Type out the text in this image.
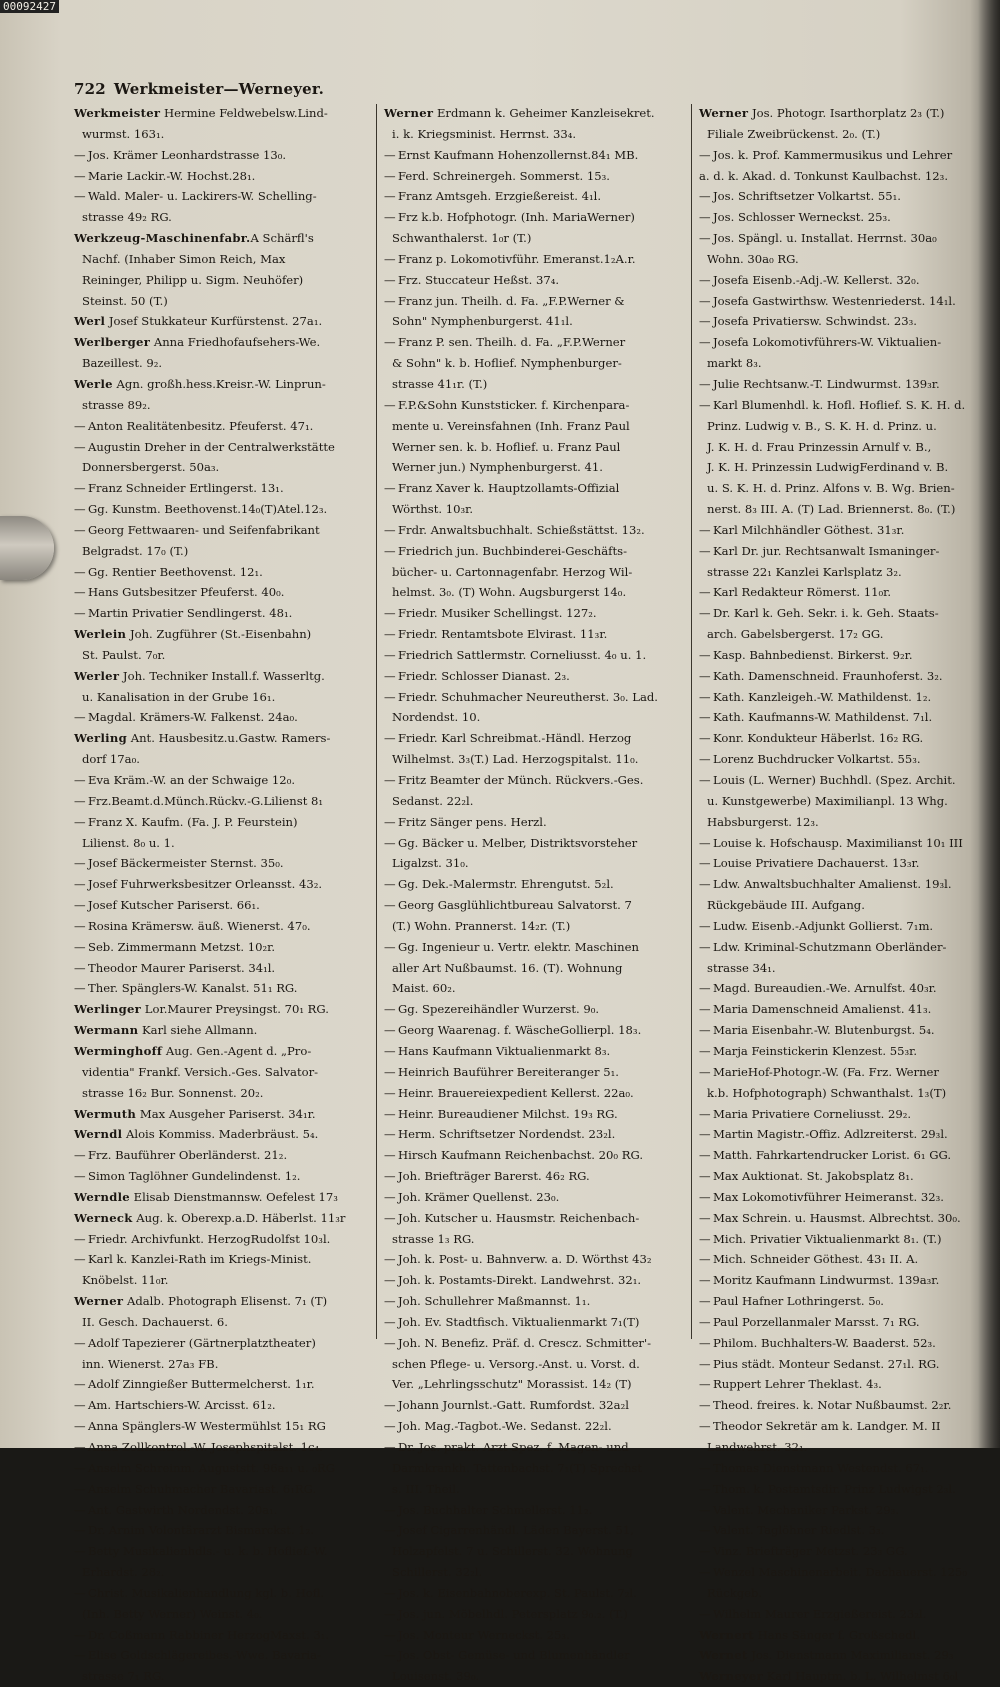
00092427
722 Werkmeister—Werneyer.
Werkmeister Hermine Feldwebelsw.Lind-
wurmst. 163₁.
— Jos. Krämer Leonhardstrasse 13₀.
— Marie Lackir.-W. Hochst.28₁.
— Wald. Maler- u. Lackirers-W. Schelling-
strasse 49₂ RG.
Werkzeug-Maschinenfabr.A Schärfl's
Nachf. (Inhaber Simon Reich, Max
Reininger, Philipp u. Sigm. Neuhöfer)
Steinst. 50 (T.)
Werl Josef Stukkateur Kurfürstenst. 27a₁.
Werlberger Anna Friedhofaufsehers-We.
Bazeillest. 9₂.
Werle Agn. großh.hess.Kreisr.-W. Linprun-
strasse 89₂.
— Anton Realitätenbesitz. Pfeuferst. 47₁.
— Augustin Dreher in der Centralwerkstätte
Donnersbergerst. 50a₃.
— Franz Schneider Ertlingerst. 13₁.
— Gg. Kunstm. Beethovenst.14₀(T)Atel.12₃.
— Georg Fettwaaren- und Seifenfabrikant
Belgradst. 17₀ (T.)
— Gg. Rentier Beethovenst. 12₁.
— Hans Gutsbesitzer Pfeuferst. 40₀.
— Martin Privatier Sendlingerst. 48₁.
Werlein Joh. Zugführer (St.-Eisenbahn)
St. Paulst. 7₀r.
Werler Joh. Techniker Install.f. Wasserltg.
u. Kanalisation in der Grube 16₁.
— Magdal. Krämers-W. Falkenst. 24a₀.
Werling Ant. Hausbesitz.u.Gastw. Ramers-
dorf 17a₀.
— Eva Kräm.-W. an der Schwaige 12₀.
— Frz.Beamt.d.Münch.Rückv.-G.Lilienst 8₁
— Franz X. Kaufm. (Fa. J. P. Feurstein)
Lilienst. 8₀ u. 1.
— Josef Bäckermeister Sternst. 35₀.
— Josef Fuhrwerksbesitzer Orleansst. 43₂.
— Josef Kutscher Pariserst. 66₁.
— Rosina Krämersw. äuß. Wienerst. 47₀.
— Seb. Zimmermann Metzst. 10₂r.
— Theodor Maurer Pariserst. 34₁l.
— Ther. Spänglers-W. Kanalst. 51₁ RG.
Werlinger Lor.Maurer Preysingst. 70₁ RG.
Wermann Karl siehe Allmann.
Werminghoff Aug. Gen.-Agent d. „Pro-
videntia" Frankf. Versich.-Ges. Salvator-
strasse 16₂ Bur. Sonnenst. 20₂.
Wermuth Max Ausgeher Pariserst. 34₁r.
Werndl Alois Kommiss. Maderbräust. 5₄.
— Frz. Bauführer Oberländerst. 21₂.
— Simon Taglöhner Gundelindenst. 1₂.
Werndle Elisab Dienstmannsw. Oefelest 17₃
Werneck Aug. k. Oberexp.a.D. Häberlst. 11₃r
— Friedr. Archivfunkt. HerzogRudolfst 10₃l.
— Karl k. Kanzlei-Rath im Kriegs-Minist.
Knöbelst. 11₀r.
Werner Adalb. Photograph Elisenst. 7₁ (T)
II. Gesch. Dachauerst. 6.
— Adolf Tapezierer (Gärtnerplatztheater)
inn. Wienerst. 27a₃ FB.
— Adolf Zinngießer Buttermelcherst. 1₁r.
— Am. Hartschiers-W. Arcisst. 61₂.
— Anna Spänglers-W Westermühlst 15₁ RG
— Anna Zollkontrol.-W. Josephspitalst. 1c₄.
— Anselm Schreinm. Auguststt. 96a₁₁ u. ₀RG
— Anselm Schuhmacher Bavariast. 6₁RG.
— Ant. Gastwirth Nordendst. 20a₁.
— Dr. Arnim Volontärarzt Bismarckst. 1₂.
— Betty Musikalienhdls.- u. k. b. Hoflief.-W.
Erhardst. 28₂.
— Christ. Musikalienhandlung kgl. b. Hofl.
(Inh. Betty Werner) Weinst. 4₀.
— Dr. Coßmann Rabbiner HerzogMaxst. 3₁.
— Elise Goldschlägereibes.-Wwe. Bavaria-
strasse 7₁ RG.
Werner Erdmann k. Geheimer Kanzleisekret.
i. k. Kriegsminist. Herrnst. 33₄.
— Ernst Kaufmann Hohenzollernst.84₁ MB.
— Ferd. Schreinergeh. Sommerst. 15₃.
— Franz Amtsgeh. Erzgießereist. 4₁l.
— Frz k.b. Hofphotogr. (Inh. MariaWerner)
Schwanthalerst. 1₀r (T.)
— Franz p. Lokomotivführ. Emeranst.1₂A.r.
— Frz. Stuccateur Heßst. 37₄.
— Franz jun. Theilh. d. Fa. „F.P.Werner &
Sohn" Nymphenburgerst. 41₁l.
— Franz P. sen. Theilh. d. Fa. „F.P.Werner
& Sohn" k. b. Hoflief. Nymphenburger-
strasse 41₁r. (T.)
— F.P.&Sohn Kunststicker. f. Kirchenpara-
mente u. Vereinsfahnen (Inh. Franz Paul
Werner sen. k. b. Hoflief. u. Franz Paul
Werner jun.) Nymphenburgerst. 41.
— Franz Xaver k. Hauptzollamts-Offizial
Wörthst. 10₃r.
— Frdr. Anwaltsbuchhalt. Schießstättst. 13₂.
— Friedrich jun. Buchbinderei-Geschäfts-
bücher- u. Cartonnagenfabr. Herzog Wil-
helmst. 3₀. (T) Wohn. Augsburgerst 14₀.
— Friedr. Musiker Schellingst. 127₂.
— Friedr. Rentamtsbote Elvirast. 11₃r.
— Friedrich Sattlermstr. Corneliusst. 4₀ u. 1.
— Friedr. Schlosser Dianast. 2₃.
— Friedr. Schuhmacher Neureutherst. 3₀. Lad.
Nordendst. 10.
— Friedr. Karl Schreibmat.-Händl. Herzog
Wilhelmst. 3₃(T.) Lad. Herzogspitalst. 11₀.
— Fritz Beamter der Münch. Rückvers.-Ges.
Sedanst. 22₂l.
— Fritz Sänger pens. Herzl.
— Gg. Bäcker u. Melber, Distriktsvorsteher
Ligalzst. 31₀.
— Gg. Dek.-Malermstr. Ehrengutst. 5₂l.
— Georg Gasglühlichtbureau Salvatorst. 7
(T.) Wohn. Prannerst. 14₂r. (T.)
— Gg. Ingenieur u. Vertr. elektr. Maschinen
aller Art Nußbaumst. 16. (T). Wohnung
Maist. 60₂.
— Gg. Spezereihändler Wurzerst. 9₀.
— Georg Waarenag. f. WäscheGollierpl. 18₃.
— Hans Kaufmann Viktualienmarkt 8₃.
— Heinrich Bauführer Bereiteranger 5₁.
— Heinr. Brauereiexpedient Kellerst. 22a₀.
— Heinr. Bureaudiener Milchst. 19₃ RG.
— Herm. Schriftsetzer Nordendst. 23₂l.
— Hirsch Kaufmann Reichenbachst. 20₀ RG.
— Joh. Briefträger Barerst. 46₂ RG.
— Joh. Krämer Quellenst. 23₀.
— Joh. Kutscher u. Hausmstr. Reichenbach-
strasse 1₃ RG.
— Joh. k. Post- u. Bahnverw. a. D. Wörthst 43₂
— Joh. k. Postamts-Direkt. Landwehrst. 32₁.
— Joh. Schullehrer Maßmannst. 1₁.
— Joh. Ev. Stadtfisch. Viktualienmarkt 7₁(T)
— Joh. N. Benefiz. Präf. d. Crescz. Schmitter'-
schen Pflege- u. Versorg.-Anst. u. Vorst. d.
Ver. „Lehrlingsschutz" Morassist. 14₂ (T)
— Johann Journlst.-Gatt. Rumfordst. 32a₂l
— Joh. Mag.-Tagbot.-We. Sedanst. 22₂l.
— Dr. Jos. prakt. Arzt Spez. f. Magen- und
Darmkrankh. Tattenbachst. 7₁(T) Sprechst
s. III. Theil.
— Jos. Buchhalter Schmellerst. 11₂.
— Josef Cigarrenhändl. Läden Bayerst. 51,
Holzapfelst. 7 u. Schillerst. 32. Wohnung
Schillerst. 32₂l.
— Jos. k. Eisenbahnoberexp. St. Paulst. 7₂l.
— Jos. jun. Möbelhdl. Petersplatz 9₀.₂. (T.)
— Jos. Monteur Werneckst. 25₃.
— Jos. Obst- Gemüse- und Blumenhändler
Louisenst. 39₀.
Werner Jos. Photogr. Isarthorplatz 2₃ (T.)
Filiale Zweibrückenst. 2₀. (T.)
— Jos. k. Prof. Kammermusikus und Lehrer
a. d. k. Akad. d. Tonkunst Kaulbachst. 12₃.
— Jos. Schriftsetzer Volkartst. 55₁.
— Jos. Schlosser Werneckst. 25₃.
— Jos. Spängl. u. Installat. Herrnst. 30a₀
Wohn. 30a₀ RG.
— Josefa Eisenb.-Adj.-W. Kellerst. 32₀.
— Josefa Gastwirthsw. Westenriederst. 14₁l.
— Josefa Privatiersw. Schwindst. 23₃.
— Josefa Lokomotivführers-W. Viktualien-
markt 8₃.
— Julie Rechtsanw.-T. Lindwurmst. 139₃r.
— Karl Blumenhdl. k. Hofl. Hoflief. S. K. H. d.
Prinz. Ludwig v. B., S. K. H. d. Prinz. u.
J. K. H. d. Frau Prinzessin Arnulf v. B.,
J. K. H. Prinzessin LudwigFerdinand v. B.
u. S. K. H. d. Prinz. Alfons v. B. Wg. Brien-
nerst. 8₃ III. A. (T) Lad. Briennerst. 8₀. (T.)
— Karl Milchhändler Göthest. 31₃r.
— Karl Dr. jur. Rechtsanwalt Ismaninger-
strasse 22₁ Kanzlei Karlsplatz 3₂.
— Karl Redakteur Römerst. 11₀r.
— Dr. Karl k. Geh. Sekr. i. k. Geh. Staats-
arch. Gabelsbergerst. 17₂ GG.
— Kasp. Bahnbedienst. Birkerst. 9₂r.
— Kath. Damenschneid. Fraunhoferst. 3₂.
— Kath. Kanzleigeh.-W. Mathildenst. 1₂.
— Kath. Kaufmanns-W. Mathildenst. 7₁l.
— Konr. Kondukteur Häberlst. 16₂ RG.
— Lorenz Buchdrucker Volkartst. 55₃.
— Louis (L. Werner) Buchhdl. (Spez. Archit.
u. Kunstgewerbe) Maximilianpl. 13 Whg.
Habsburgerst. 12₃.
— Louise k. Hofschausp. Maximilianst 10₁ III
— Louise Privatiere Dachauerst. 13₃r.
— Ldw. Anwaltsbuchhalter Amalienst. 19₃l.
Rückgebäude III. Aufgang.
— Ludw. Eisenb.-Adjunkt Gollierst. 7₁m.
— Ldw. Kriminal-Schutzmann Oberländer-
strasse 34₁.
— Magd. Bureaudien.-We. Arnulfst. 40₃r.
— Maria Damenschneid Amalienst. 41₃.
— Maria Eisenbahr.-W. Blutenburgst. 5₄.
— Marja Feinstickerin Klenzest. 55₃r.
— MarieHof-Photogr.-W. (Fa. Frz. Werner
k.b. Hofphotograph) Schwanthalst. 1₃(T)
— Maria Privatiere Corneliusst. 29₂.
— Martin Magistr.-Offiz. Adlzreiterst. 29₃l.
— Matth. Fahrkartendrucker Lorist. 6₁ GG.
— Max Auktionat. St. Jakobsplatz 8₁.
— Max Lokomotivführer Heimeranst. 32₃.
— Max Schrein. u. Hausmst. Albrechtst. 30₀.
— Mich. Privatier Viktualienmarkt 8₁. (T.)
— Mich. Schneider Göthest. 43₁ II. A.
— Moritz Kaufmann Lindwurmst. 139a₃r.
— Paul Hafner Lothringerst. 5₀.
— Paul Porzellanmaler Marsst. 7₁ RG.
— Philom. Buchhalters-W. Baaderst. 52₃.
— Pius städt. Monteur Sedanst. 27₁l. RG.
— Ruppert Lehrer Theklast. 4₃.
— Theod. freires. k. Notar Nußbaumst. 2₂r.
— Theodor Sekretär am k. Landger. M. II
Landwehrst. 32₁.
— Thomas Dienstmann Westendst. 67₁.
— Thom. k. Postamtsdir. Prinz Ludwigst 2₃l.
— Valent. Mechaniker Parkst. 29₃.
— Valent. Taglöhner Riedlst. 3₃.
— Vinz. Briefträger Metzst. 23₃ GG.
— Wenzel Maschinenarbeit. Dachauerst. 125₀
Rückgeb.
— Wilhelm Maurer Erzgießereist. 23₂l.
Wernert Hans Sänger f. Großschedl.
Wernet Jos. Dienstmann Maximilianst. 29₃
Werneyer Karl Hauptm. b. L. Wilhelmst 6₀l
